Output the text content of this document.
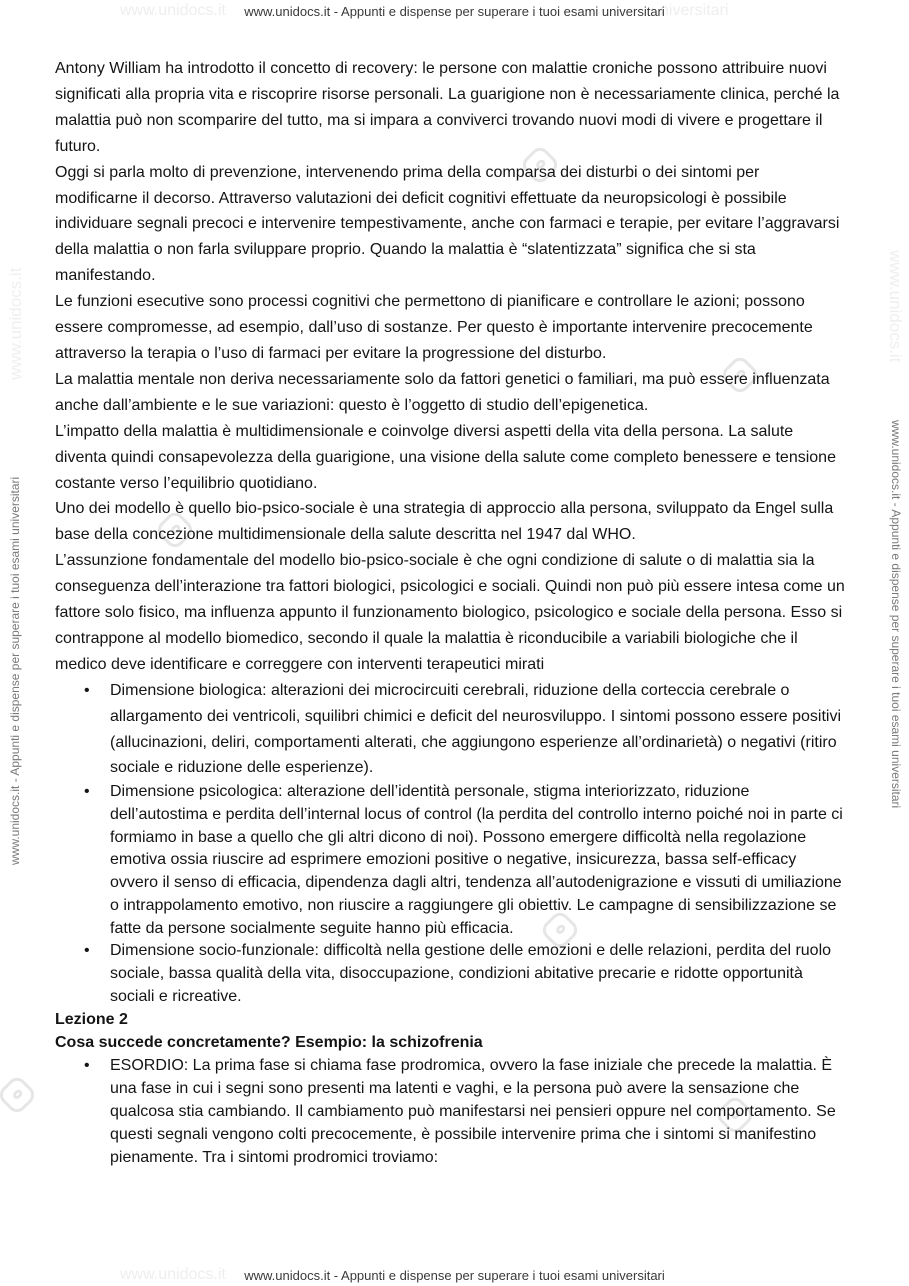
www.unidocs.it	niversitari
www.unidocs.it - Appunti e dispense per superare i tuoi esami universitari
www.unidocs.it	www.unidocs.it - Appunti e dispense per superare i tuoi esami universitari
www.unidocs.it - Appunti e dispense per superare i tuoi esami universitari	www.unidocs.it - Appunti e dispense per superare i tuoi esami universitari
www.unidocs.it	www.unidocs.it

Antony William ha introdotto il concetto di recovery: le persone con malattie croniche possono attribuire nuovi significati alla propria vita e riscoprire risorse personali. La guarigione non è necessariamente clinica, perché la malattia può non scomparire del tutto, ma si impara a conviverci trovando nuovi modi di vivere e progettare il futuro.

Oggi si parla molto di prevenzione, intervenendo prima della comparsa dei disturbi o dei sintomi per modificarne il decorso. Attraverso valutazioni dei deficit cognitivi effettuate da neuropsicologi è possibile individuare segnali precoci e intervenire tempestivamente, anche con farmaci e terapie, per evitare l’aggravarsi della malattia o non farla sviluppare proprio. Quando la malattia è “slatentizzata” significa che si sta manifestando.

Le funzioni esecutive sono processi cognitivi che permettono di pianificare e controllare le azioni; possono essere compromesse, ad esempio, dall’uso di sostanze. Per questo è importante intervenire precocemente attraverso la terapia o l’uso di farmaci per evitare la progressione del disturbo.

La malattia mentale non deriva necessariamente solo da fattori genetici o familiari, ma può essere influenzata anche dall’ambiente e le sue variazioni: questo è l’oggetto di studio dell’epigenetica.

L’impatto della malattia è multidimensionale e coinvolge diversi aspetti della vita della persona. La salute diventa quindi consapevolezza della guarigione, una visione della salute come completo benessere e tensione costante verso l’equilibrio quotidiano.

Uno dei modello è quello bio-psico-sociale è una strategia di approccio alla persona, sviluppato da Engel sulla base della concezione multidimensionale della salute descritta nel 1947 dal WHO.

L’assunzione fondamentale del modello bio-psico-sociale è che ogni condizione di salute o di malattia sia la conseguenza dell’interazione tra fattori biologici, psicologici e sociali. Quindi non può più essere intesa come un fattore solo fisico, ma influenza appunto il funzionamento biologico, psicologico e sociale della persona. Esso si contrappone al modello biomedico, secondo il quale la malattia è riconducibile a variabili biologiche che il medico deve identificare e correggere con interventi terapeutici mirati

• Dimensione biologica: alterazioni dei microcircuiti cerebrali, riduzione della corteccia cerebrale o allargamento dei ventricoli, squilibri chimici e deficit del neurosviluppo. I sintomi possono essere positivi (allucinazioni, deliri, comportamenti alterati, che aggiungono esperienze all’ordinarietà) o negativi (ritiro sociale e riduzione delle esperienze).
• Dimensione psicologica: alterazione dell’identità personale, stigma interiorizzato, riduzione dell’autostima e perdita dell’internal locus of control (la perdita del controllo interno poiché noi in parte ci formiamo in base a quello che gli altri dicono di noi). Possono emergere difficoltà nella regolazione emotiva ossia riuscire ad esprimere emozioni positive o negative, insicurezza, bassa self-efficacy ovvero il senso di efficacia, dipendenza dagli altri, tendenza all’autodenigrazione e vissuti di umiliazione o intrappolamento emotivo, non riuscire a raggiungere gli obiettiv. Le campagne di sensibilizzazione se fatte da persone socialmente seguite hanno più efficacia.
• Dimensione socio-funzionale: difficoltà nella gestione delle emozioni e delle relazioni, perdita del ruolo sociale, bassa qualità della vita, disoccupazione, condizioni abitative precarie e ridotte opportunità sociali e ricreative.

Lezione 2

Cosa succede concretamente? Esempio: la schizofrenia

• ESORDIO: La prima fase si chiama fase prodromica, ovvero la fase iniziale che precede la malattia. È una fase in cui i segni sono presenti ma latenti e vaghi, e la persona può avere la sensazione che qualcosa stia cambiando. Il cambiamento può manifestarsi nei pensieri oppure nel comportamento. Se questi segnali vengono colti precocemente, è possibile intervenire prima che i sintomi si manifestino pienamente. Tra i sintomi prodromici troviamo:
